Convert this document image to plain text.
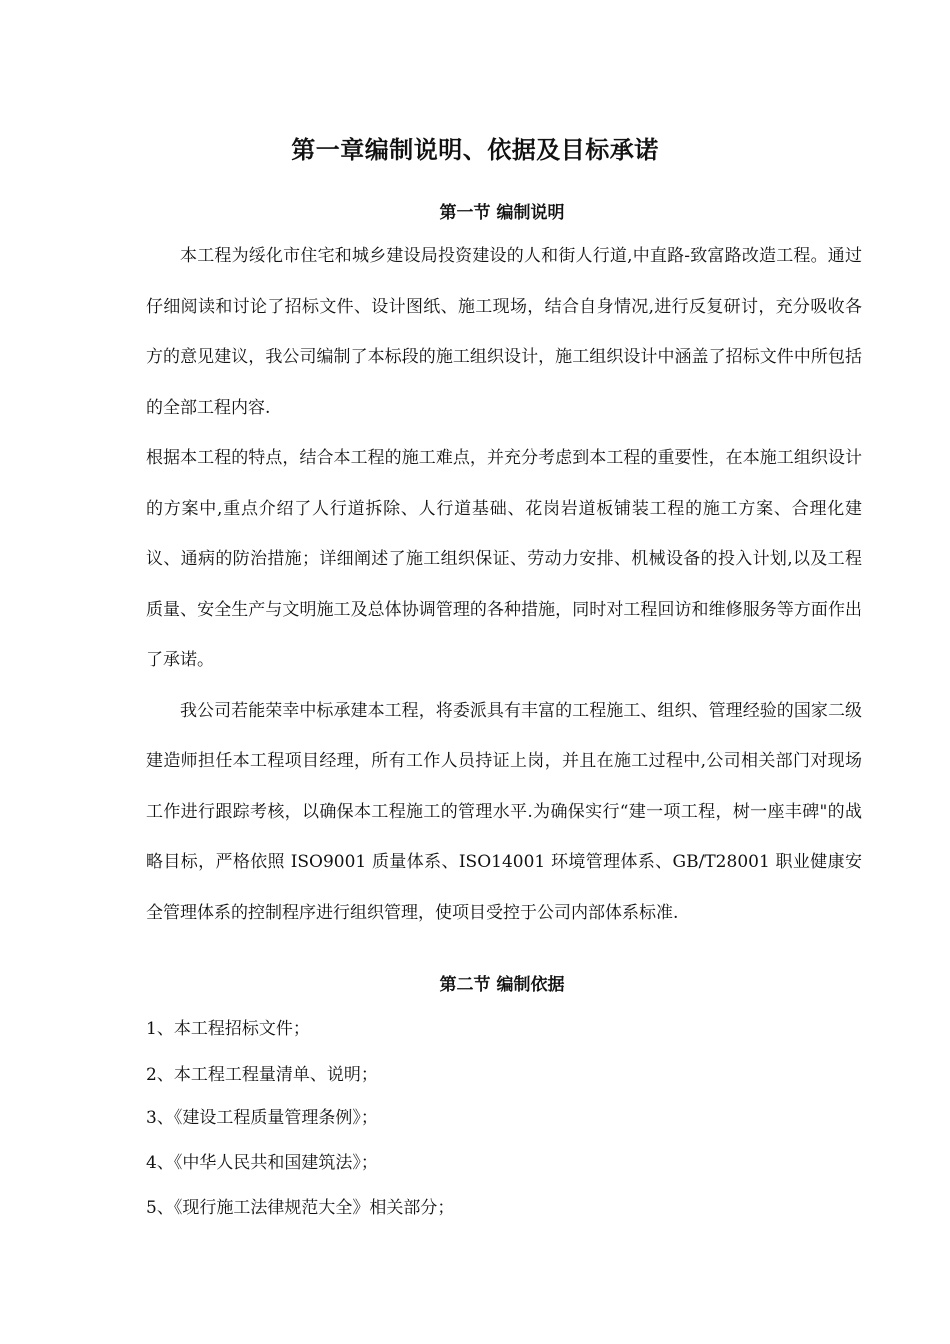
第一章编制说明、依据及目标承诺
第一节 编制说明

本工程为绥化市住宅和城乡建设局投资建设的人和街人行道,中直路-致富路改造工程。通过仔细阅读和讨论了招标文件、设计图纸、施工现场，结合自身情况,进行反复研讨，充分吸收各方的意见建议，我公司编制了本标段的施工组织设计，施工组织设计中涵盖了招标文件中所包括的全部工程内容.

根据本工程的特点，结合本工程的施工难点，并充分考虑到本工程的重要性，在本施工组织设计的方案中,重点介绍了人行道拆除、人行道基础、花岗岩道板铺装工程的施工方案、合理化建议、通病的防治措施；详细阐述了施工组织保证、劳动力安排、机械设备的投入计划,以及工程质量、安全生产与文明施工及总体协调管理的各种措施，同时对工程回访和维修服务等方面作出了承诺。

我公司若能荣幸中标承建本工程，将委派具有丰富的工程施工、组织、管理经验的国家二级建造师担任本工程项目经理，所有工作人员持证上岗，并且在施工过程中,公司相关部门对现场工作进行跟踪考核，以确保本工程施工的管理水平.为确保实行“建一项工程，树一座丰碑"的战略目标，严格依照 ISO9001 质量体系、ISO14001 环境管理体系、GB/T28001 职业健康安全管理体系的控制程序进行组织管理，使项目受控于公司内部体系标准.

第二节 编制依据

1、本工程招标文件；

2、本工程工程量清单、说明；

3、《建设工程质量管理条例》；

4、《中华人民共和国建筑法》；

5、《现行施工法律规范大全》相关部分；
